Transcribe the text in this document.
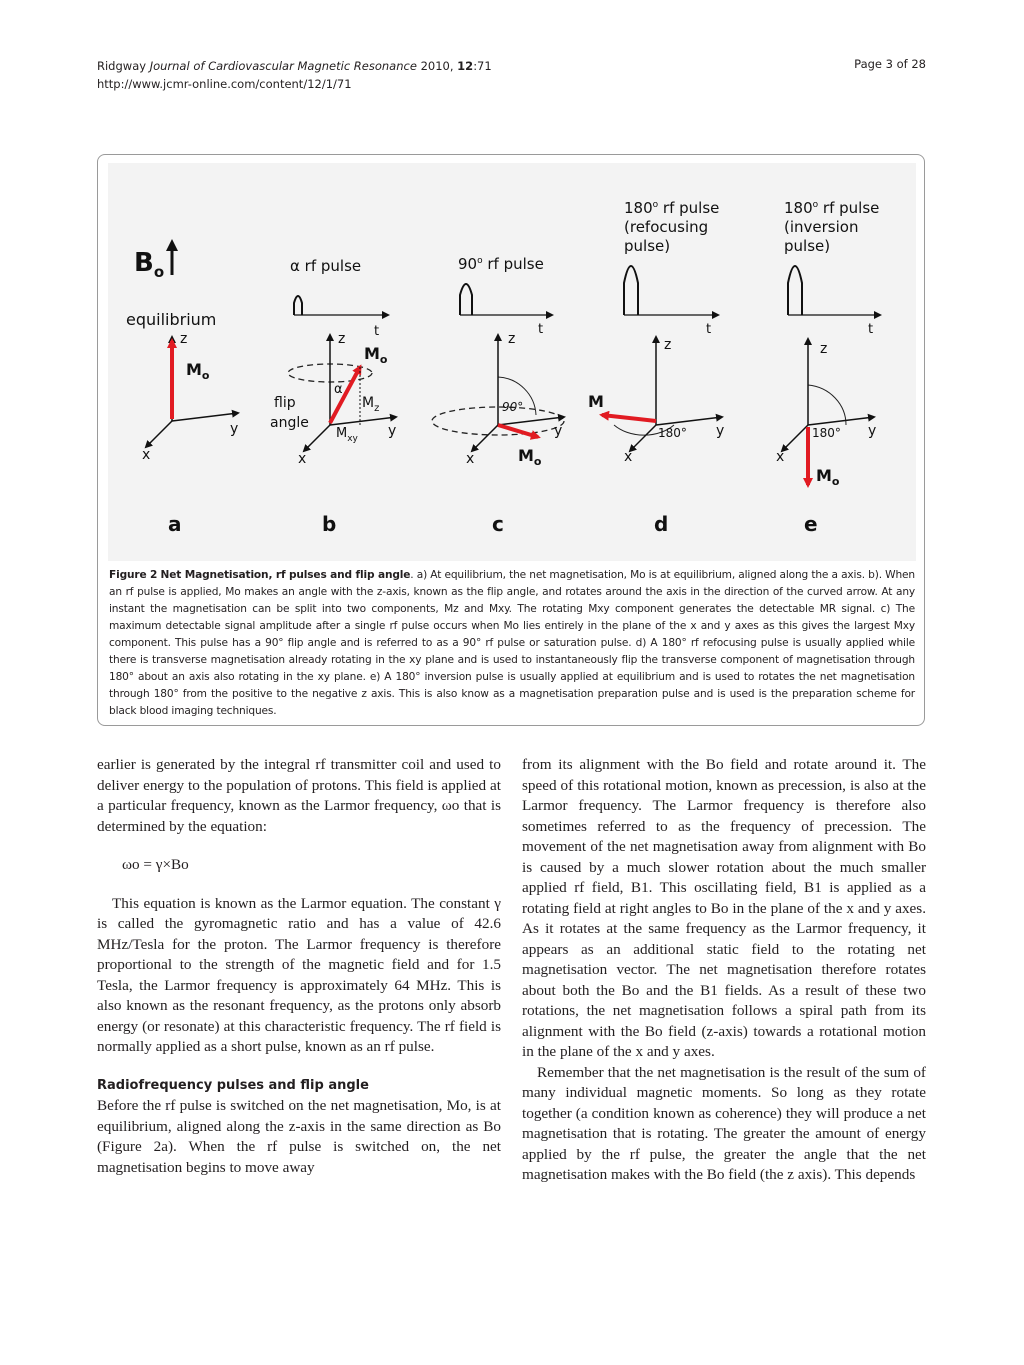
Ridgway Journal of Cardiovascular Magnetic Resonance 2010, 12:71
http://www.jcmr-online.com/content/12/1/71
Page 3 of 28
$B_o$
equilibrium
z
y
x
$M_o$
a
α rf pulse
t
z
$M_o$
$M_z$
$M_{xy}$
α
flip
angle	y
x
b
90$^o$ rf pulse
t
z
90°
y
x	$M_o$
c
180$^o$ rf pulse
(refocusing
pulse)
t
z
M
180° y
x
d
180$^o$ rf pulse
(inversion
pulse)
t
z
180° y
x
$M_o$
e
Figure 2 Net Magnetisation, rf pulses and flip angle. a) At equilibrium, the net magnetisation, Mo is at equilibrium, aligned along the a axis. b). When an rf pulse is applied, Mo makes an angle with the z-axis, known as the flip angle, and rotates around the axis in the direction of the curved arrow. At any instant the magnetisation can be split into two components, Mz and Mxy. The rotating Mxy component generates the detectable MR signal. c) The maximum detectable signal amplitude after a single rf pulse occurs when Mo lies entirely in the plane of the x and y axes as this gives the largest Mxy component. This pulse has a 90° flip angle and is referred to as a 90° rf pulse or saturation pulse. d) A 180° rf refocusing pulse is usually applied while there is transverse magnetisation already rotating in the xy plane and is used to instantaneously flip the transverse component of magnetisation through 180° about an axis also rotating in the xy plane. e) A 180° inversion pulse is usually applied at equilibrium and is used to rotates the net magnetisation through 180° from the positive to the negative z axis. This is also know as a magnetisation preparation pulse and is used is the preparation scheme for black blood imaging techniques.

earlier is generated by the integral rf transmitter coil and used to deliver energy to the population of protons. This field is applied at a particular frequency, known as the Larmor frequency, ωo that is determined by the equation:

ωo = γ×Bo

This equation is known as the Larmor equation. The constant γ is called the gyromagnetic ratio and has a value of 42.6 MHz/Tesla for the proton. The Larmor frequency is therefore proportional to the strength of the magnetic field and for 1.5 Tesla, the Larmor frequency is approximately 64 MHz. This is also known as the resonant frequency, as the protons only absorb energy (or resonate) at this characteristic frequency. The rf field is normally applied as a short pulse, known as an rf pulse.

Radiofrequency pulses and flip angle

Before the rf pulse is switched on the net magnetisation, Mo, is at equilibrium, aligned along the z-axis in the same direction as Bo (Figure 2a). When the rf pulse is switched on, the net magnetisation begins to move away

from its alignment with the Bo field and rotate around it. The speed of this rotational motion, known as precession, is also at the Larmor frequency. The Larmor frequency is therefore also sometimes referred to as the frequency of precession. The movement of the net magnetisation away from alignment with Bo is caused by a much slower rotation about the much smaller applied rf field, B1. This oscillating field, B1 is applied as a rotating field at right angles to Bo in the plane of the x and y axes. As it rotates at the same frequency as the Larmor frequency, it appears as an additional static field to the rotating net magnetisation vector. The net magnetisation therefore rotates about both the Bo and the B1 fields. As a result of these two rotations, the net magnetisation follows a spiral path from its alignment with the Bo field (z-axis) towards a rotational motion in the plane of the x and y axes.

Remember that the net magnetisation is the result of the sum of many individual magnetic moments. So long as they rotate together (a condition known as coherence) they will produce a net magnetisation that is rotating. The greater the amount of energy applied by the rf pulse, the greater the angle that the net magnetisation makes with the Bo field (the z axis). This depends
